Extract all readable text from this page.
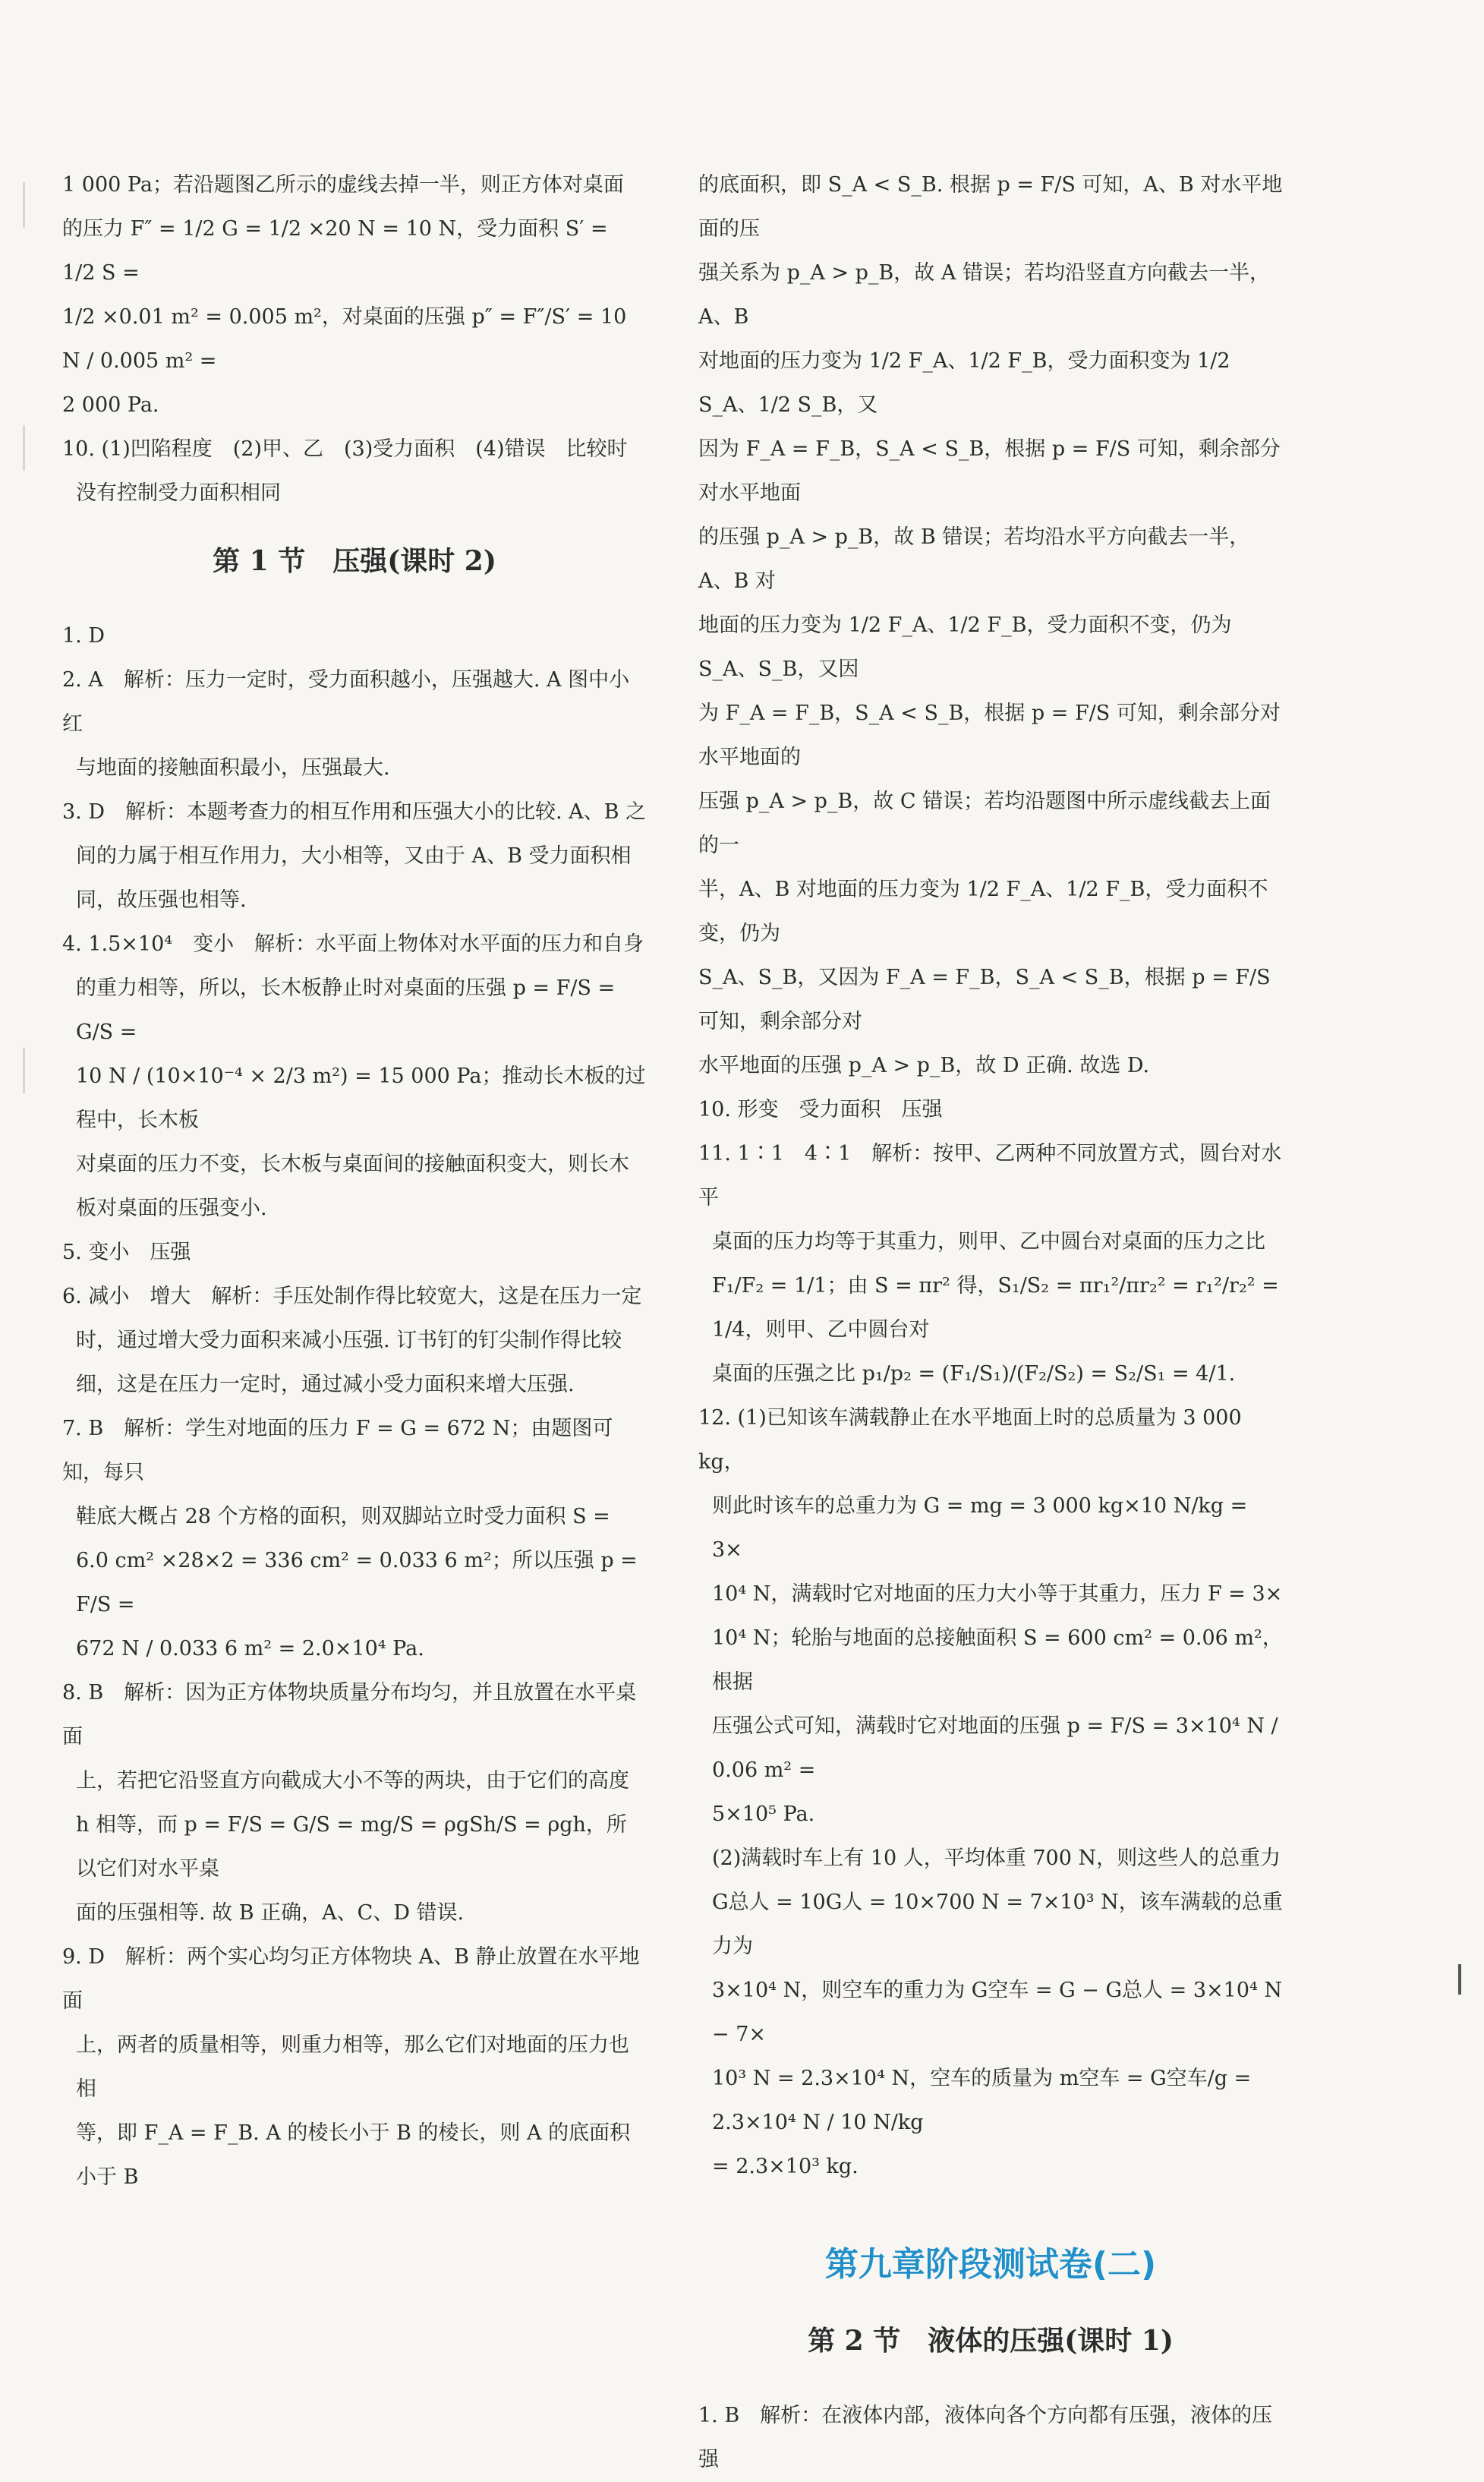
1 000 Pa；若沿题图乙所示的虚线去掉一半，则正方体对桌面

的压力 F″ = 1/2 G = 1/2 ×20 N = 10 N，受力面积 S′ = 1/2 S =

1/2 ×0.01 m² = 0.005 m²，对桌面的压强 p″ = F″/S′ = 10 N / 0.005 m² =

2 000 Pa.

10. (1)凹陷程度　(2)甲、乙　(3)受力面积　(4)错误　比较时

没有控制受力面积相同

第 1 节　压强(课时 2)

1. D

2. A　解析：压力一定时，受力面积越小，压强越大. A 图中小红

与地面的接触面积最小，压强最大.

3. D　解析：本题考查力的相互作用和压强大小的比较. A、B 之

间的力属于相互作用力，大小相等，又由于 A、B 受力面积相

同，故压强也相等.

4. 1.5×10⁴　变小　解析：水平面上物体对水平面的压力和自身

的重力相等，所以，长木板静止时对桌面的压强 p = F/S = G/S =

10 N / (10×10⁻⁴ × 2/3 m²) = 15 000 Pa；推动长木板的过程中，长木板

对桌面的压力不变，长木板与桌面间的接触面积变大，则长木

板对桌面的压强变小.

5. 变小　压强

6. 减小　增大　解析：手压处制作得比较宽大，这是在压力一定

时，通过增大受力面积来减小压强. 订书钉的钉尖制作得比较

细，这是在压力一定时，通过减小受力面积来增大压强.

7. B　解析：学生对地面的压力 F = G = 672 N；由题图可知，每只

鞋底大概占 28 个方格的面积，则双脚站立时受力面积 S =

6.0 cm² ×28×2 = 336 cm² = 0.033 6 m²；所以压强 p = F/S =

672 N / 0.033 6 m² = 2.0×10⁴ Pa.

8. B　解析：因为正方体物块质量分布均匀，并且放置在水平桌面

上，若把它沿竖直方向截成大小不等的两块，由于它们的高度

h 相等，而 p = F/S = G/S = mg/S = ρgSh/S = ρgh，所以它们对水平桌

面的压强相等. 故 B 正确，A、C、D 错误.

9. D　解析：两个实心均匀正方体物块 A、B 静止放置在水平地面

上，两者的质量相等，则重力相等，那么它们对地面的压力也相

等，即 F_A = F_B. A 的棱长小于 B 的棱长，则 A 的底面积小于 B

的底面积，即 S_A < S_B. 根据 p = F/S 可知，A、B 对水平地面的压

强关系为 p_A > p_B，故 A 错误；若均沿竖直方向截去一半，A、B

对地面的压力变为 1/2 F_A、1/2 F_B，受力面积变为 1/2 S_A、1/2 S_B，又

因为 F_A = F_B，S_A < S_B，根据 p = F/S 可知，剩余部分对水平地面

的压强 p_A > p_B，故 B 错误；若均沿水平方向截去一半，A、B 对

地面的压力变为 1/2 F_A、1/2 F_B，受力面积不变，仍为 S_A、S_B，又因

为 F_A = F_B，S_A < S_B，根据 p = F/S 可知，剩余部分对水平地面的

压强 p_A > p_B，故 C 错误；若均沿题图中所示虚线截去上面的一

半，A、B 对地面的压力变为 1/2 F_A、1/2 F_B，受力面积不变，仍为

S_A、S_B，又因为 F_A = F_B，S_A < S_B，根据 p = F/S 可知，剩余部分对

水平地面的压强 p_A > p_B，故 D 正确. 故选 D.

10. 形变　受力面积　压强

11. 1∶1　4∶1　解析：按甲、乙两种不同放置方式，圆台对水平

桌面的压力均等于其重力，则甲、乙中圆台对桌面的压力之比

F₁/F₂ = 1/1；由 S = πr² 得，S₁/S₂ = πr₁²/πr₂² = r₁²/r₂² = 1/4，则甲、乙中圆台对

桌面的压强之比 p₁/p₂ = (F₁/S₁)/(F₂/S₂) = S₂/S₁ = 4/1.

12. (1)已知该车满载静止在水平地面上时的总质量为 3 000 kg，

则此时该车的总重力为 G = mg = 3 000 kg×10 N/kg = 3×

10⁴ N，满载时它对地面的压力大小等于其重力，压力 F = 3×

10⁴ N；轮胎与地面的总接触面积 S = 600 cm² = 0.06 m²，根据

压强公式可知，满载时它对地面的压强 p = F/S = 3×10⁴ N / 0.06 m² =

5×10⁵ Pa.

(2)满载时车上有 10 人，平均体重 700 N，则这些人的总重力

G总人 = 10G人 = 10×700 N = 7×10³ N，该车满载的总重力为

3×10⁴ N，则空车的重力为 G空车 = G − G总人 = 3×10⁴ N − 7×

10³ N = 2.3×10⁴ N，空车的质量为 m空车 = G空车/g = 2.3×10⁴ N / 10 N/kg

= 2.3×10³ kg.

第九章阶段测试卷(二)
第 2 节　液体的压强(课时 1)

1. B　解析：在液体内部，液体向各个方向都有压强，液体的压强
